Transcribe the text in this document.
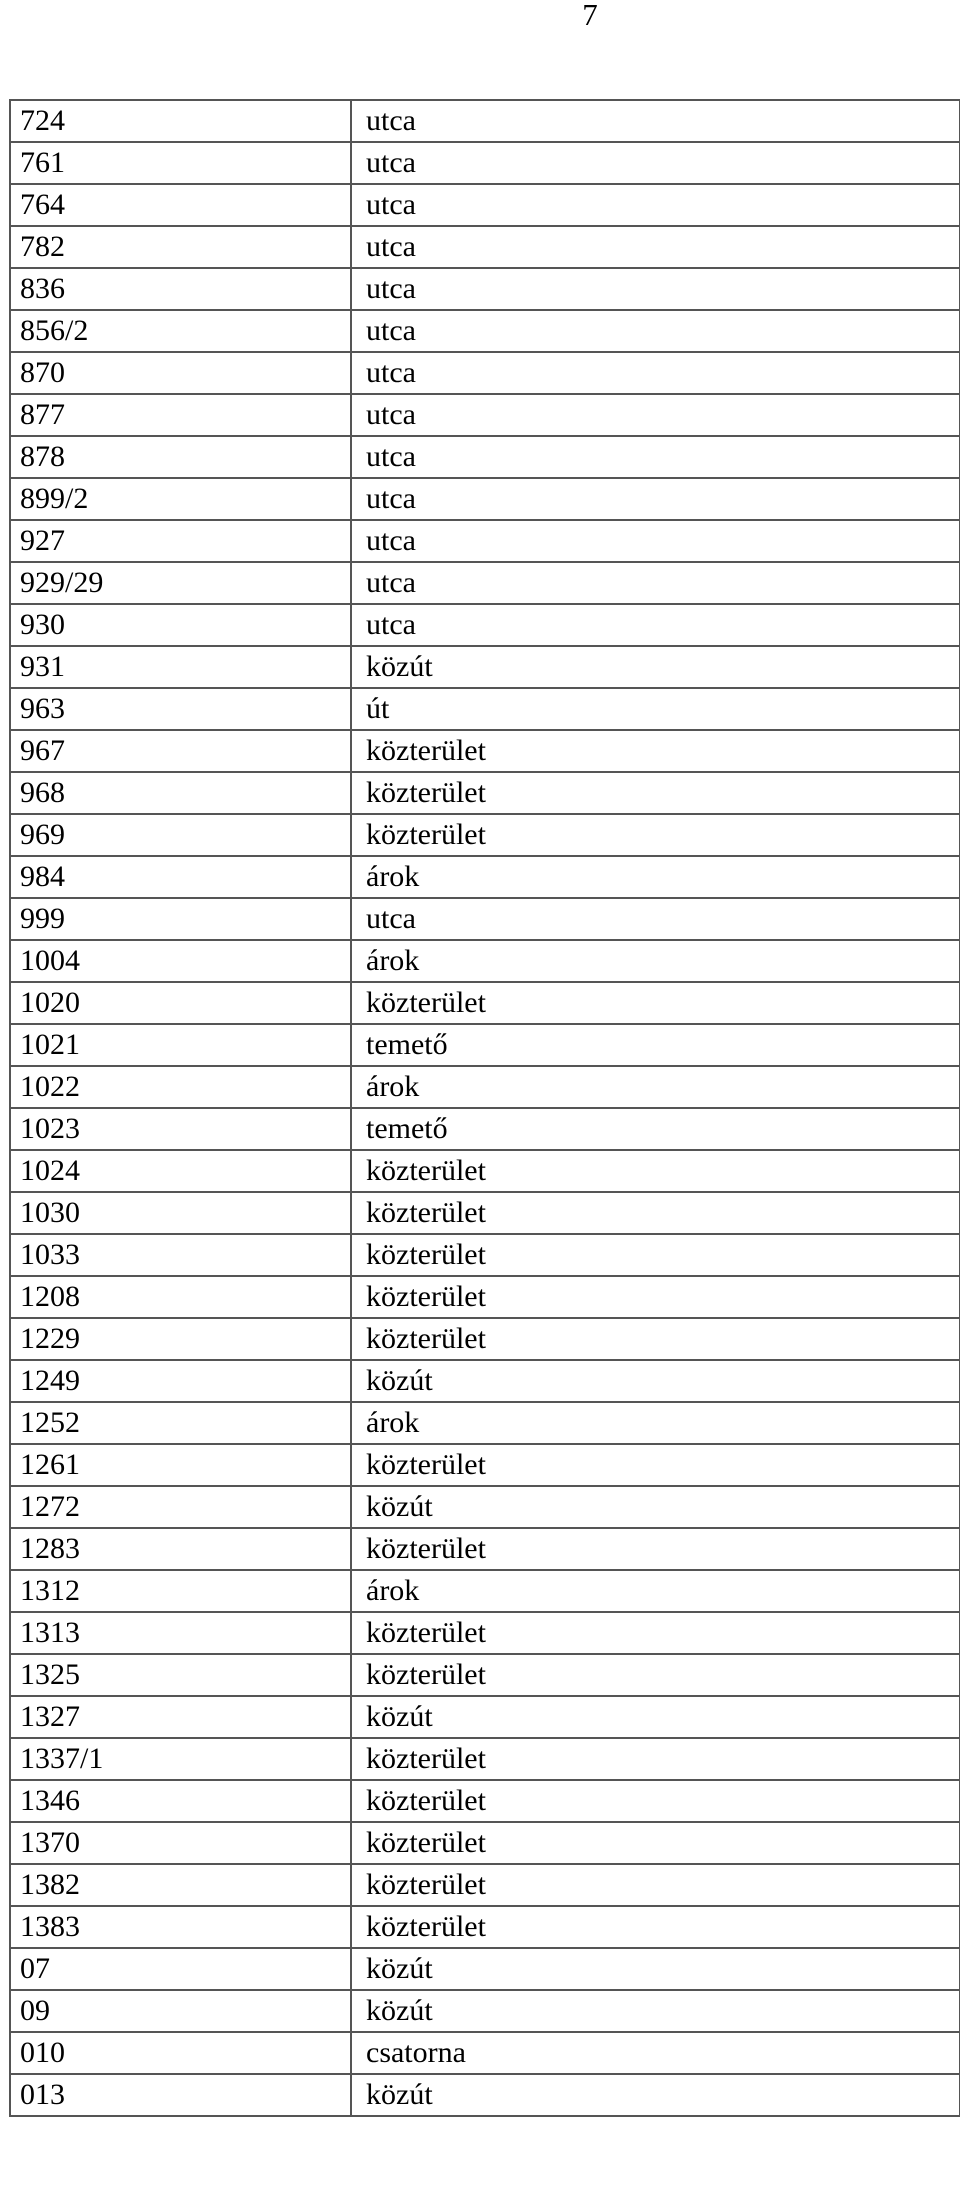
7
724	utca
761	utca
764	utca
782	utca
836	utca
856/2	utca
870	utca
877	utca
878	utca
899/2	utca
927	utca
929/29	utca
930	utca
931	közút
963	út
967	közterület
968	közterület
969	közterület
984	árok
999	utca
1004	árok
1020	közterület
1021	temető
1022	árok
1023	temető
1024	közterület
1030	közterület
1033	közterület
1208	közterület
1229	közterület
1249	közút
1252	árok
1261	közterület
1272	közút
1283	közterület
1312	árok
1313	közterület
1325	közterület
1327	közút
1337/1	közterület
1346	közterület
1370	közterület
1382	közterület
1383	közterület
07	közút
09	közút
010	csatorna
013	közút
